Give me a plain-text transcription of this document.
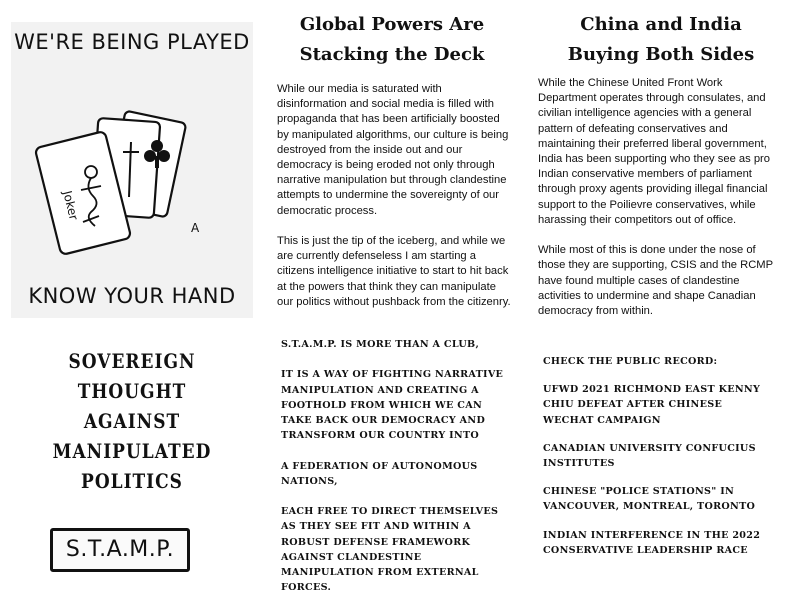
WE'RE BEING PLAYED
Joker
A
KNOW YOUR HAND
SOVEREIGN
THOUGHT
AGAINST
MANIPULATED
POLITICS
S.T.A.M.P.
Global Powers Are
Stacking the Deck

While our media is saturated with disinformation and social media is filled with propaganda that has been artificially boosted by manipulated algorithms, our culture is being destroyed from the inside out and our democracy is being eroded not only through narrative manipulation but through clandestine attempts to undermine the sovereignty of our democratic process.

This is just the tip of the iceberg, and while we are currently defenseless I am starting a citizens intelligence initiative to start to hit back at the powers that think they can manipulate our politics without pushback from the citizenry.

S.T.A.M.P. IS MORE THAN A CLUB,

IT IS A WAY OF FIGHTING NARRATIVE MANIPULATION AND CREATING A FOOTHOLD FROM WHICH WE CAN TAKE BACK OUR DEMOCRACY AND TRANSFORM OUR COUNTRY INTO

A FEDERATION OF AUTONOMOUS NATIONS,

EACH FREE TO DIRECT THEMSELVES AS THEY SEE FIT AND WITHIN A ROBUST DEFENSE FRAMEWORK AGAINST CLANDESTINE MANIPULATION FROM EXTERNAL FORCES.

China and India
Buying Both Sides

While the Chinese United Front Work Department operates through consulates, and civilian intelligence agencies with a general pattern of defeating conservatives and maintaining their preferred liberal government, India has been supporting who they see as pro Indian conservative members of parliament through proxy agents providing illegal financial support to the Poilievre conservatives, while harassing their competitors out of office.

While most of this is done under the nose of those they are supporting, CSIS and the RCMP have found multiple cases of clandestine activities to undermine and shape Canadian democracy from within.

CHECK THE PUBLIC RECORD:

UFWD 2021 RICHMOND EAST KENNY CHIU DEFEAT AFTER CHINESE WECHAT CAMPAIGN

CANADIAN UNIVERSITY CONFUCIUS INSTITUTES

CHINESE "POLICE STATIONS" IN VANCOUVER, MONTREAL, TORONTO

INDIAN INTERFERENCE IN THE 2022 CONSERVATIVE LEADERSHIP RACE
